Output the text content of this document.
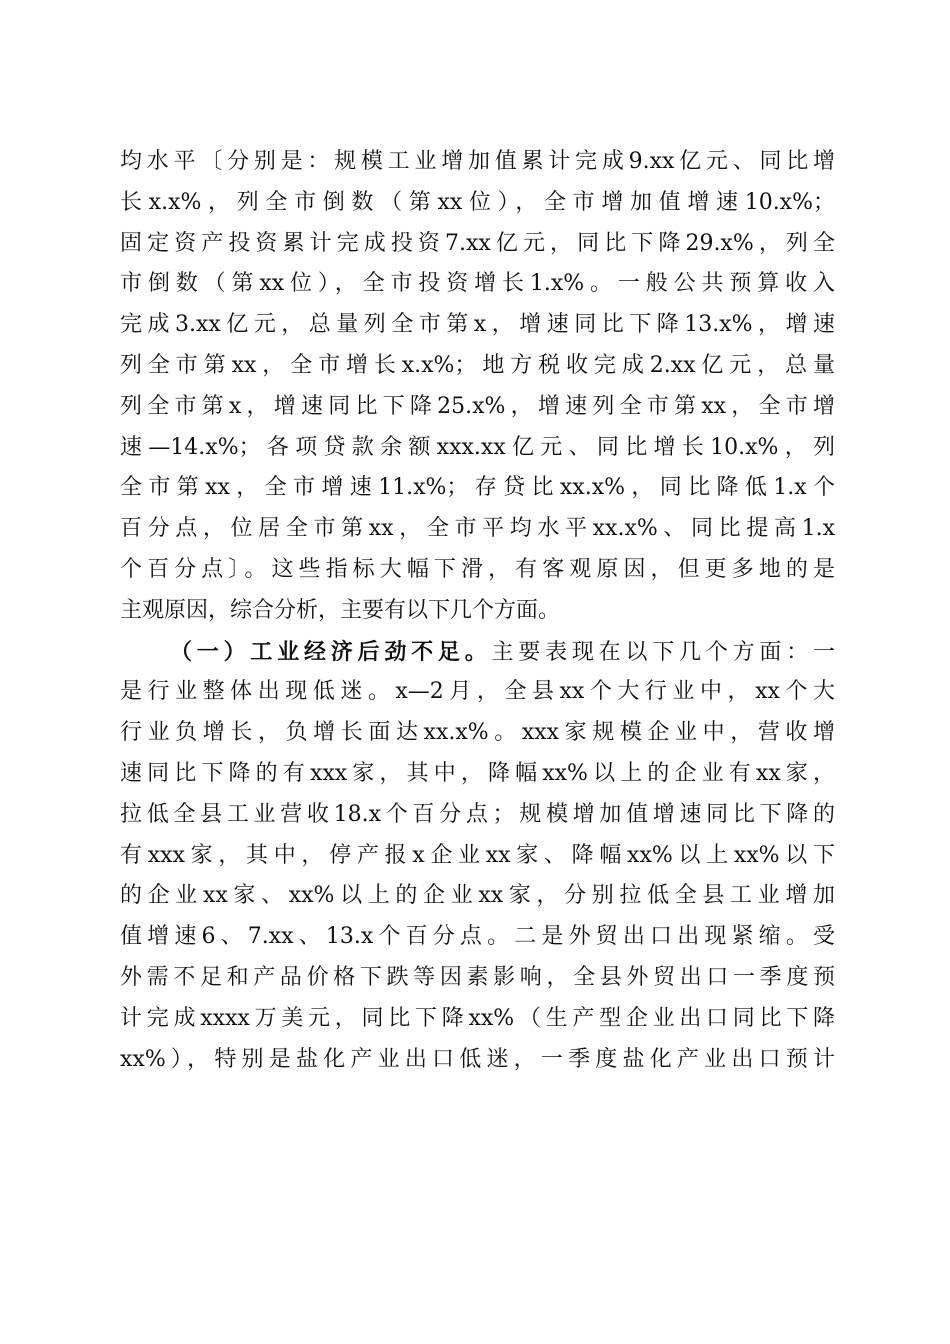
均水平〔分别是：规模工业增加值累计完成9.xx亿元、同比增
长x.x%，列全市倒数（第xx位），全市增加值增速10.x%；
固定资产投资累计完成投资7.xx亿元，同比下降29.x%，列全
市倒数（第xx位），全市投资增长1.x%。一般公共预算收入
完成3.xx亿元，总量列全市第x，增速同比下降13.x%，增速
列全市第xx，全市增长x.x%；地方税收完成2.xx亿元，总量
列全市第x，增速同比下降25.x%，增速列全市第xx，全市增
速—14.x%；各项贷款余额xxx.xx亿元、同比增长10.x%，列
全市第xx，全市增速11.x%；存贷比xx.x%，同比降低1.x个
百分点，位居全市第xx，全市平均水平xx.x%、同比提高1.x
个百分点〕。这些指标大幅下滑，有客观原因，但更多地的是
主观原因，综合分析，主要有以下几个方面。
（一）工业经济后劲不足。主要表现在以下几个方面：一
是行业整体出现低迷。x—2月，全县xx个大行业中，xx个大
行业负增长，负增长面达xx.x%。xxx家规模企业中，营收增
速同比下降的有xxx家，其中，降幅xx%以上的企业有xx家，
拉低全县工业营收18.x个百分点；规模增加值增速同比下降的
有xxx家，其中，停产报x企业xx家、降幅xx%以上xx%以下
的企业xx家、xx%以上的企业xx家，分别拉低全县工业增加
值增速6、7.xx、13.x个百分点。二是外贸出口出现紧缩。受
外需不足和产品价格下跌等因素影响，全县外贸出口一季度预
计完成xxxx万美元，同比下降xx%（生产型企业出口同比下降
xx%），特别是盐化产业出口低迷，一季度盐化产业出口预计
